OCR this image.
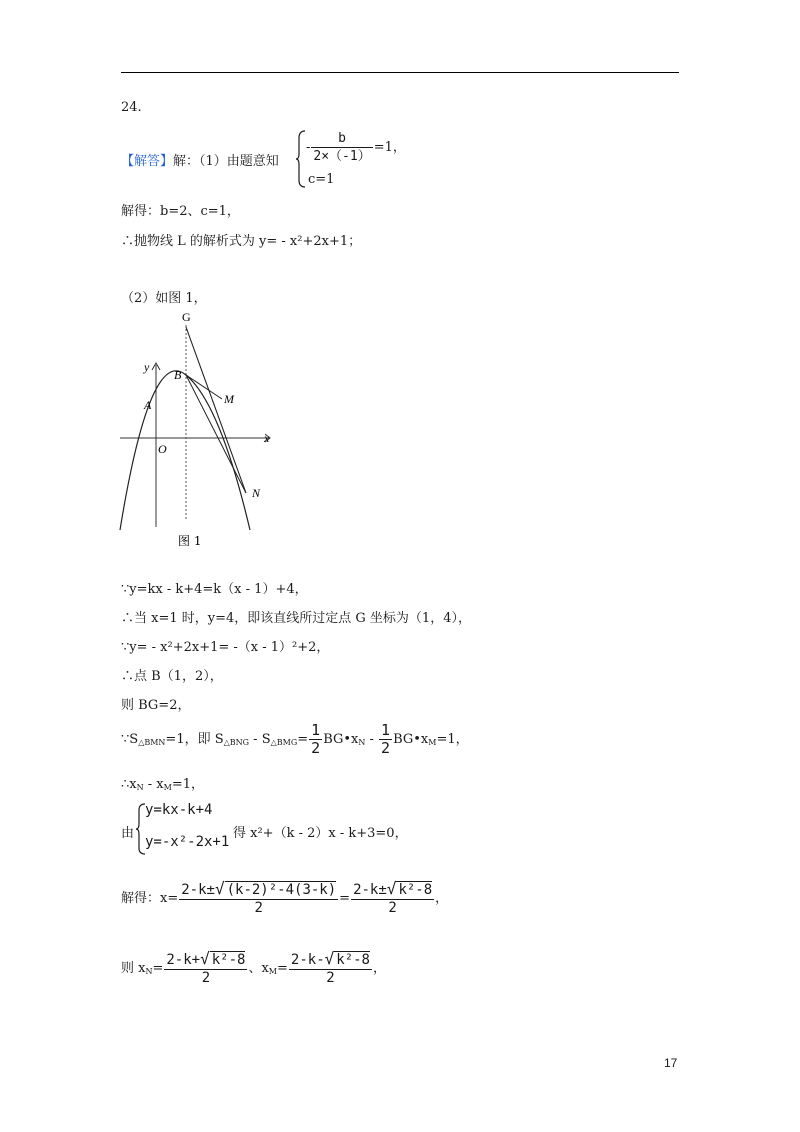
24.
【解答】解：（1）由题意知
- $\frac{b}{2\times(-1)} =1$，
c=1
解得：b=2、c=1，
∴抛物线 L 的解析式为 y= - x²+2x+1；
（2）如图 1，
G
y
B
M
A
O
x
N
图 1
∵y=kx - k+4=k（x - 1）+4，
∴当 x=1 时，y=4，即该直线所过定点 G 坐标为（1，4），
∵y= - x²+2x+1= -（x - 1）²+2，
∴点 B（1，2），
则 BG=2，
$\because S_{\triangle BMN}=1$，即 $S_{\triangle BNG} - S_{\triangle BMG}= \frac{1}{2}$ $BG•x_N - \frac{1}{2}$ $BG•x_M=1$，
$\therefore x_N - x_M=1$，
由
y=kx-k+4
y=-x²-2x+1
得 x²+（k - 2）x - k+3=0，
解得：$x= \frac{\text{2-k±√ (k-2)²-4(3-k)}}{2} = \frac{\text{2-k±√ k²-8}}{2}$ ，
则 $x_N= \frac{\text{2-k+√ k²-8}}{2}$ 、$x_M= \frac{\text{2-k-√ k²-8}}{2}$ ，
17
